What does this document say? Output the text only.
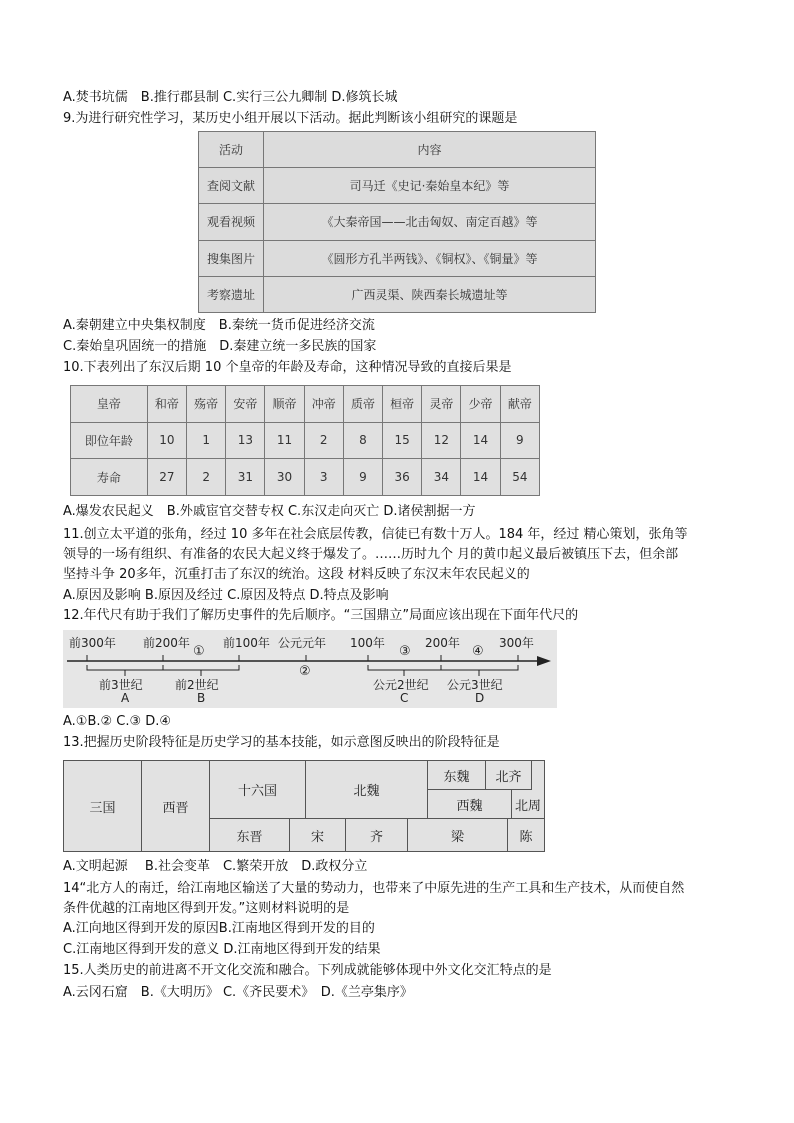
A.焚书坑儒　B.推行郡县制 C.实行三公九卿制 D.修筑长城
9.为进行研究性学习，某历史小组开展以下活动。据此判断该小组研究的课题是
活动	内容
查阅文献	司马迁《史记·秦始皇本纪》等
观看视频	《大秦帝国——北击匈奴、南定百越》等
搜集图片	《圆形方孔半两钱》、《铜权》、《铜量》等
考察遗址	广西灵渠、陕西秦长城遗址等
A.秦朝建立中央集权制度　B.秦统一货币促进经济交流
C.秦始皇巩固统一的措施　D.秦建立统一多民族的国家
10.下表列出了东汉后期 10 个皇帝的年龄及寿命，这种情况导致的直接后果是
皇帝	和帝	殇帝	安帝	顺帝	冲帝	质帝	桓帝	灵帝	少帝	献帝
即位年龄	10	1	13	11	2	8	15	12	14	9
寿命	27	2	31	30	3	9	36	34	14	54
A.爆发农民起义　B.外戚宦官交替专权 C.东汉走向灭亡 D.诸侯割据一方
11.创立太平道的张角，经过 10 多年在社会底层传教，信徒已有数十万人。184 年，经过 精心策划，张角等
领导的一场有组织、有准备的农民大起义终于爆发了。……历时九个 月的黄巾起义最后被镇压下去，但余部
坚持斗争 20多年，沉重打击了东汉的统治。这段 材料反映了东汉末年农民起义的
A.原因及影响 B.原因及经过 C.原因及特点 D.特点及影响
12.年代尺有助于我们了解历史事件的先后顺序。“三国鼎立”局面应该出现在下面年代尺的
前300年 前200年	前100年 公元元年 100年	200年	300年
①
②
③	④
前3世纪	前2世纪	公元2世纪 公元3世纪
A	B	C	D
A.①B.② C.③ D.④
13.把握历史阶段特征是历史学习的基本技能，如示意图反映出的阶段特征是
三国	西晋
十六国	北魏
东魏	北齐
西魏	北周
东晋	宋	齐	梁	陈
A.文明起源　 B.社会变革　C.繁荣开放　D.政权分立
14“北方人的南迁，给江南地区输送了大量的势动力，也带来了中原先进的生产工具和生产技术，从而使自然
条件优越的江南地区得到开发。”这则材料说明的是
A.江向地区得到开发的原因B.江南地区得到开发的目的
C.江南地区得到开发的意义 D.江南地区得到开发的结果
15.人类历史的前进离不开文化交流和融合。下列成就能够体现中外文化交汇特点的是
A.云冈石窟　B.《大明历》 C.《齐民要术》　D.《兰亭集序》
